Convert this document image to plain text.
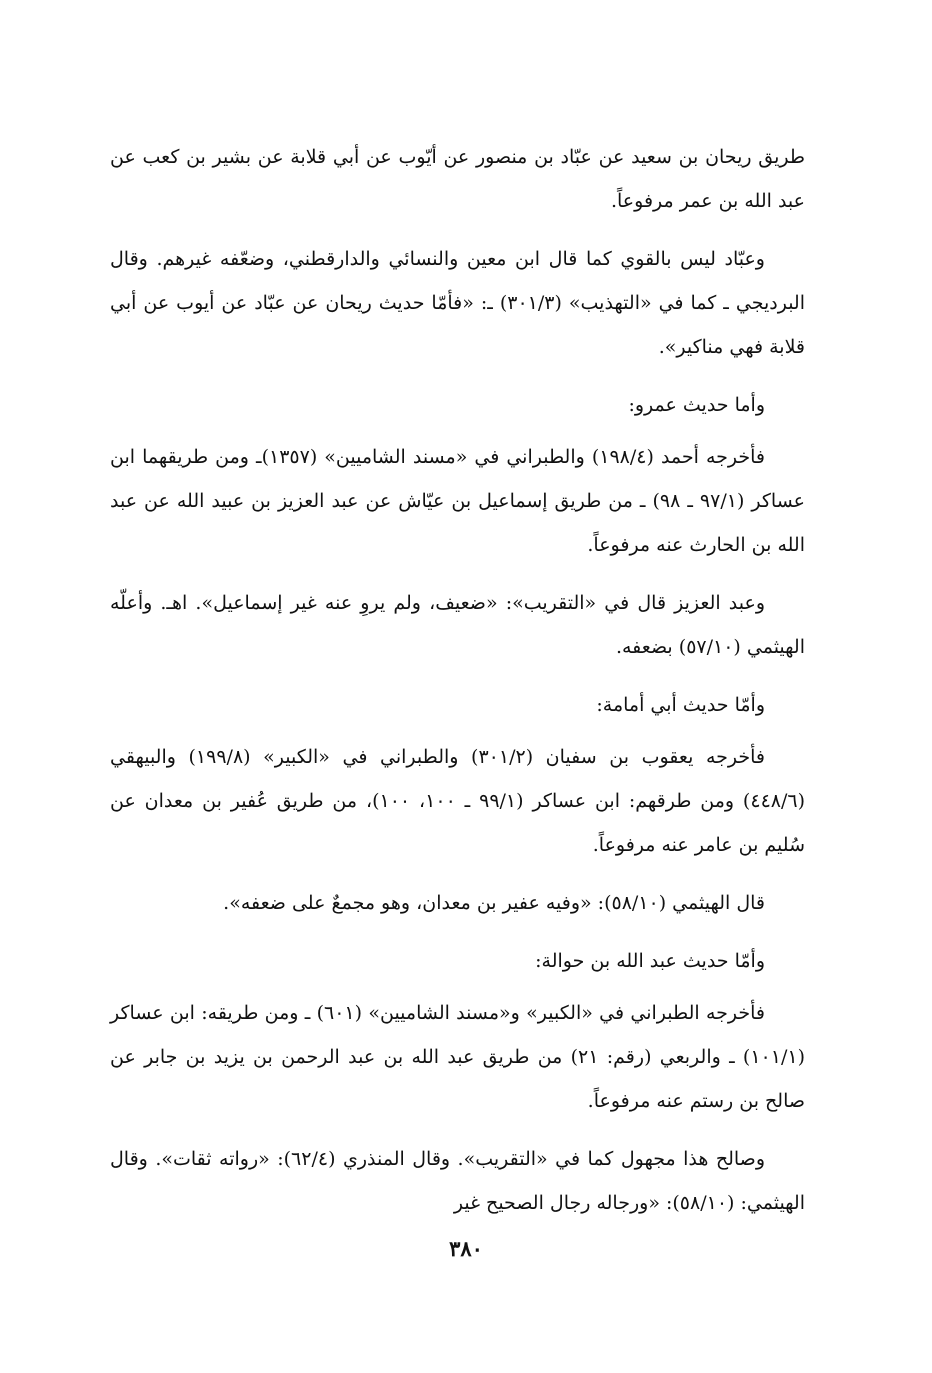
طريق ريحان بن سعيد عن عبّاد بن منصور عن أيّوب عن أبي قلابة عن بشير بن كعب عن عبد الله بن عمر مرفوعاً.

وعبّاد ليس بالقوي كما قال ابن معين والنسائي والدارقطني، وضعّفه غيرهم. وقال البرديجي ـ كما في «التهذيب» (٣٠١/٣) ـ: «فأمّا حديث ريحان عن عبّاد عن أيوب عن أبي قلابة فهي مناكير».

وأما حديث عمرو:

فأخرجه أحمد (١٩٨/٤) والطبراني في «مسند الشاميين» (١٣٥٧)ـ ومن طريقهما ابن عساكر (٩٧/١ ـ ٩٨) ـ من طريق إسماعيل بن عيّاش عن عبد العزيز بن عبيد الله عن عبد الله بن الحارث عنه مرفوعاً.

وعبد العزيز قال في «التقريب»: «ضعيف، ولم يروِ عنه غير إسماعيل». اهـ. وأعلّه الهيثمي (٥٧/١٠) بضعفه.

وأمّا حديث أبي أمامة:

فأخرجه يعقوب بن سفيان (٣٠١/٢) والطبراني في «الكبير» (١٩٩/٨) والبيهقي (٤٤٨/٦) ومن طرقهم: ابن عساكر (٩٩/١ ـ ١٠٠، ١٠٠)، من طريق عُفير بن معدان عن سُليم بن عامر عنه مرفوعاً.

قال الهيثمي (٥٨/١٠): «وفيه عفير بن معدان، وهو مجمعٌ على ضعفه».

وأمّا حديث عبد الله بن حوالة:

فأخرجه الطبراني في «الكبير» و«مسند الشاميين» (٦٠١) ـ ومن طريقه: ابن عساكر (١٠١/١) ـ والربعي (رقم: ٢١) من طريق عبد الله بن عبد الرحمن بن يزيد بن جابر عن صالح بن رستم عنه مرفوعاً.

وصالح هذا مجهول كما في «التقريب». وقال المنذري (٦٢/٤): «رواته ثقات». وقال الهيثمي: (٥٨/١٠): «ورجاله رجال الصحيح غير

٣٨٠
